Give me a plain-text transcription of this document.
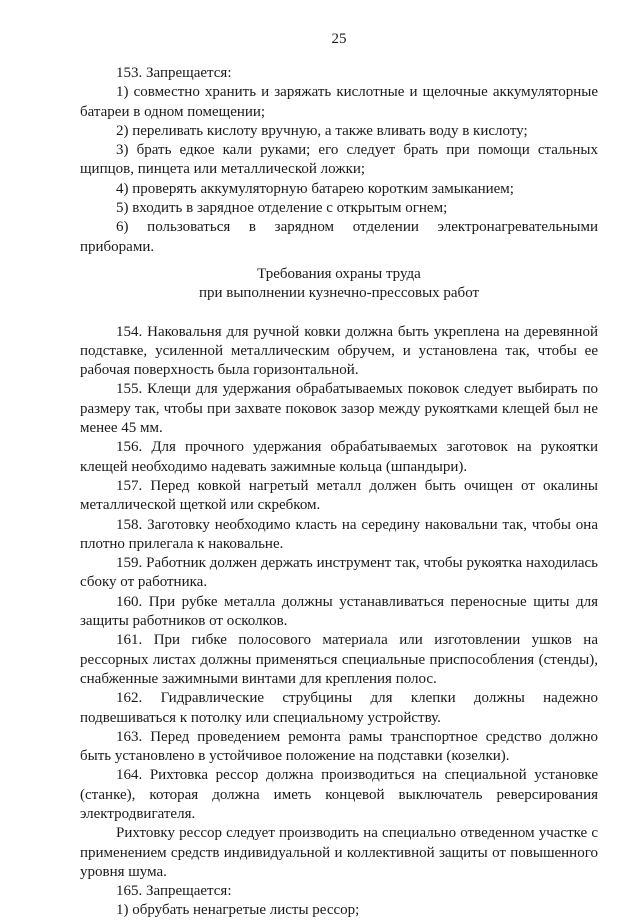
25

153. Запрещается:

1) совместно хранить и заряжать кислотные и щелочные аккумуляторные батареи в одном помещении;

2) переливать кислоту вручную, а также вливать воду в кислоту;

3) брать едкое кали руками; его следует брать при помощи стальных щипцов, пинцета или металлической ложки;

4) проверять аккумуляторную батарею коротким замыканием;

5) входить в зарядное отделение с открытым огнем;

6) пользоваться в зарядном отделении электронагревательными приборами.

Требования охраны труда

при выполнении кузнечно-прессовых работ

154. Наковальня для ручной ковки должна быть укреплена на деревянной подставке, усиленной металлическим обручем, и установлена так, чтобы ее рабочая поверхность была горизонтальной.

155. Клещи для удержания обрабатываемых поковок следует выбирать по размеру так, чтобы при захвате поковок зазор между рукоятками клещей был не менее 45 мм.

156. Для прочного удержания обрабатываемых заготовок на рукоятки клещей необходимо надевать зажимные кольца (шпандыри).

157. Перед ковкой нагретый металл должен быть очищен от окалины металлической щеткой или скребком.

158. Заготовку необходимо класть на середину наковальни так, чтобы она плотно прилегала к наковальне.

159. Работник должен держать инструмент так, чтобы рукоятка находилась сбоку от работника.

160. При рубке металла должны устанавливаться переносные щиты для защиты работников от осколков.

161. При гибке полосового материала или изготовлении ушков на рессорных листах должны применяться специальные приспособления (стенды), снабженные зажимными винтами для крепления полос.

162. Гидравлические струбцины для клепки должны надежно подвешиваться к потолку или специальному устройству.

163. Перед проведением ремонта рамы транспортное средство должно быть установлено в устойчивое положение на подставки (козелки).

164. Рихтовка рессор должна производиться на специальной установке (станке), которая должна иметь концевой выключатель реверсирования электродвигателя.

Рихтовку рессор следует производить на специально отведенном участке с применением средств индивидуальной и коллективной защиты от повышенного уровня шума.

165. Запрещается:

1) обрубать ненагретые листы рессор;
